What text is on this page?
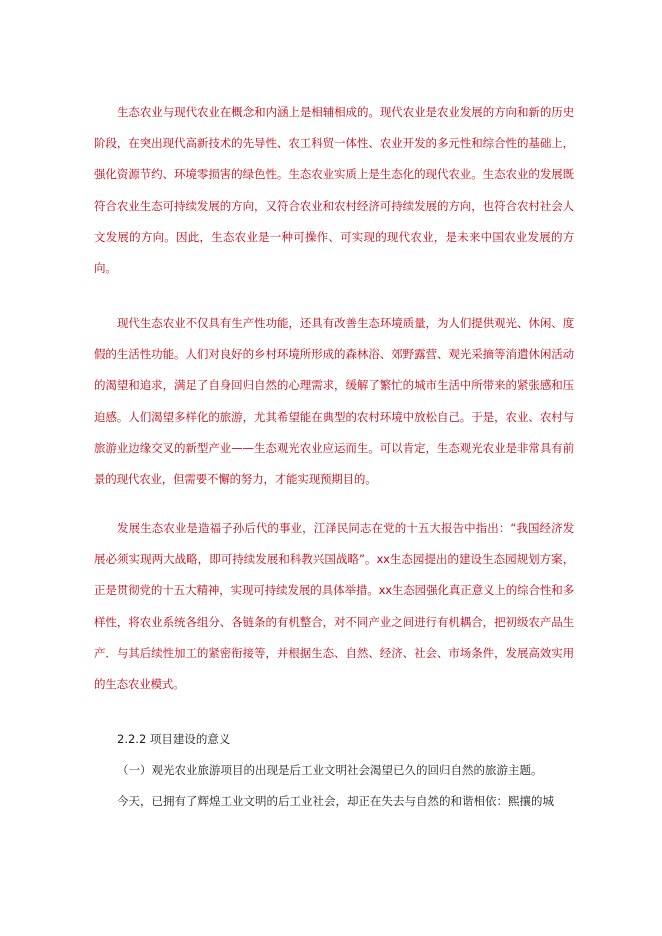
生态农业与现代农业在概念和内涵上是相辅相成的。现代农业是农业发展的方向和新的历史阶段，在突出现代高新技术的先导性、农工科贸一体性、农业开发的多元性和综合性的基础上，强化资源节约、环境零损害的绿色性。生态农业实质上是生态化的现代农业。生态农业的发展既符合农业生态可持续发展的方向，又符合农业和农村经济可持续发展的方向，也符合农村社会人文发展的方向。因此，生态农业是一种可操作、可实现的现代农业，是未来中国农业发展的方向。

现代生态农业不仅具有生产性功能，还具有改善生态环境质量，为人们提供观光、休闲、度假的生活性功能。人们对良好的乡村环境所形成的森林浴、郊野露营、观光采摘等消遣休闲活动的渴望和追求，满足了自身回归自然的心理需求，缓解了繁忙的城市生活中所带来的紧张感和压迫感。人们渴望多样化的旅游，尤其希望能在典型的农村环境中放松自己。于是，农业、农村与旅游业边缘交叉的新型产业——生态观光农业应运而生。可以肯定，生态观光农业是非常具有前景的现代农业，但需要不懈的努力，才能实现预期目的。

发展生态农业是造福子孙后代的事业，江泽民同志在党的十五大报告中指出：“我国经济发展必须实现两大战略，即可持续发展和科教兴国战略”。xx生态园提出的建设生态园规划方案，正是贯彻党的十五大精神，实现可持续发展的具体举措。xx生态园强化真正意义上的综合性和多样性，将农业系统各组分、各链条的有机整合，对不同产业之间进行有机耦合，把初级农产品生产．与其后续性加工的紧密衔接等，并根据生态、自然、经济、社会、市场条件，发展高效实用的生态农业模式。

2.2.2 项目建设的意义

（一）观光农业旅游项目的出现是后工业文明社会渴望已久的回归自然的旅游主题。

今天，已拥有了辉煌工业文明的后工业社会，却正在失去与自然的和谐相依：熙攘的城
